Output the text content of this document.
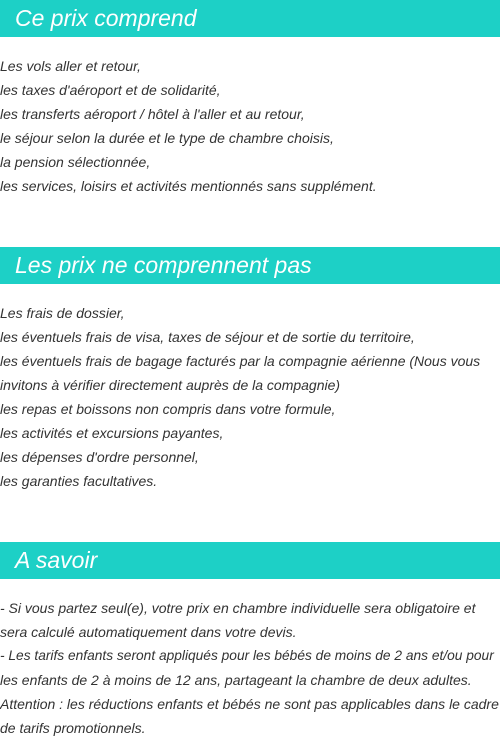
Ce prix comprend
Les vols aller et retour,
les taxes d'aéroport et de solidarité,
les transferts aéroport / hôtel à l'aller et au retour,
le séjour selon la durée et le type de chambre choisis,
la pension sélectionnée,
les services, loisirs et activités mentionnés sans supplément.
Les prix ne comprennent pas
Les frais de dossier,
les éventuels frais de visa, taxes de séjour et de sortie du territoire,
les éventuels frais de bagage facturés par la compagnie aérienne (Nous vous
invitons à vérifier directement auprès de la compagnie)
les repas et boissons non compris dans votre formule,
les activités et excursions payantes,
les dépenses d'ordre personnel,
les garanties facultatives.
A savoir
- Si vous partez seul(e), votre prix en chambre individuelle sera obligatoire et
sera calculé automatiquement dans votre devis.
- Les tarifs enfants seront appliqués pour les bébés de moins de 2 ans et/ou pour
les enfants de 2 à moins de 12 ans, partageant la chambre de deux adultes.
Attention : les réductions enfants et bébés ne sont pas applicables dans le cadre
de tarifs promotionnels.
